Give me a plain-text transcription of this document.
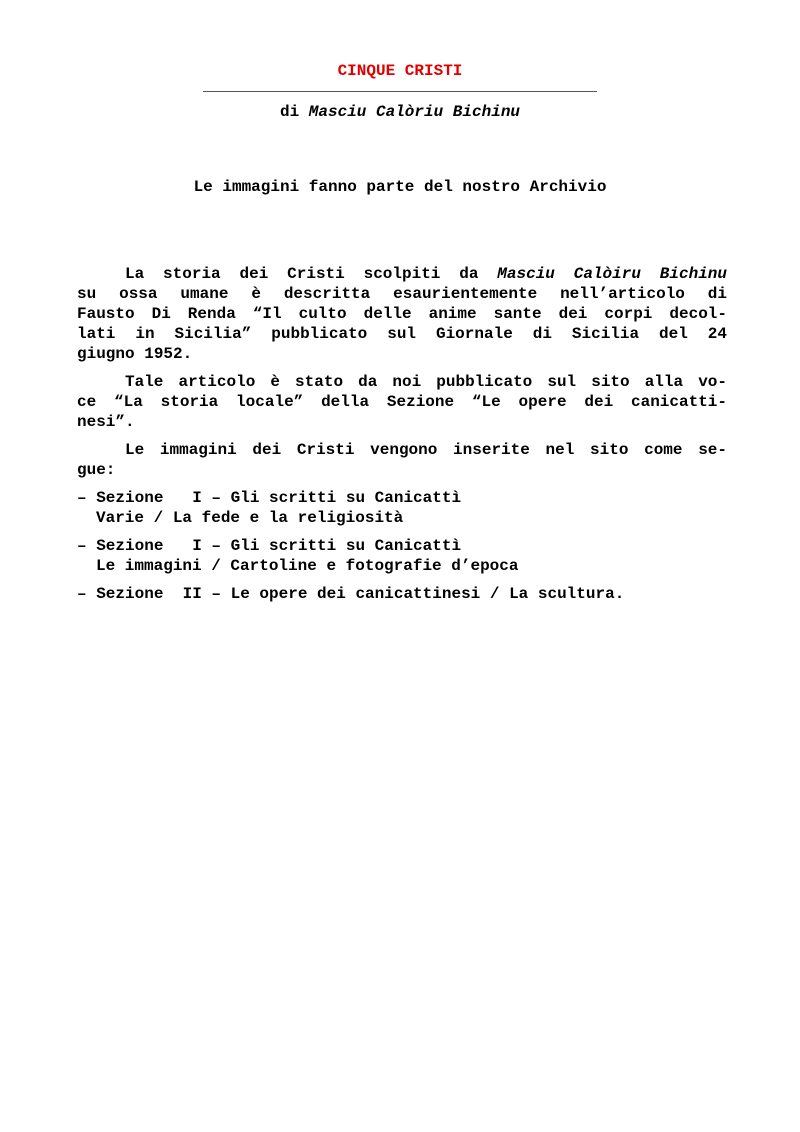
CINQUE CRISTI
di Masciu Calòriu Bichinu
Le immagini fanno parte del nostro Archivio
La storia dei Cristi scolpiti da Masciu Calòiru Bichinu
su ossa umane è descritta esaurientemente nell’articolo di
Fausto Di Renda “Il culto delle anime sante dei corpi decol-
lati in Sicilia” pubblicato sul Giornale di Sicilia del 24
giugno 1952.
Tale articolo è stato da noi pubblicato sul sito alla vo-
ce “La storia locale” della Sezione “Le opere dei canicatti-
nesi”.
Le immagini dei Cristi vengono inserite nel sito come se-
gue:
– Sezione   I – Gli scritti su Canicattì
Varie / La fede e la religiosità
– Sezione   I – Gli scritti su Canicattì
Le immagini / Cartoline e fotografie d’epoca
– Sezione  II – Le opere dei canicattinesi / La scultura.
